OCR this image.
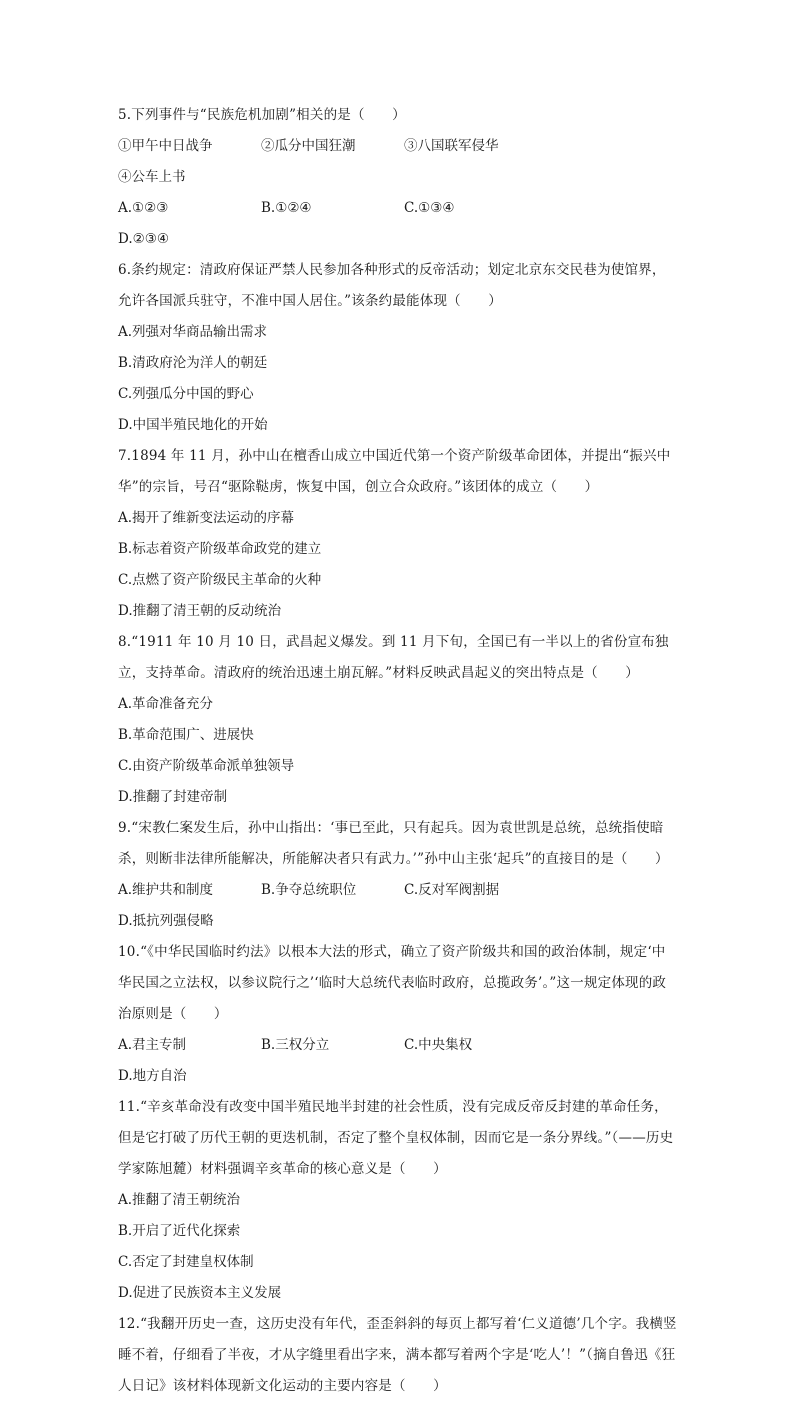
5.下列事件与“民族危机加剧”相关的是（　　）

①甲午中日战争	②瓜分中国狂潮	③八国联军侵华
④公车上书
A.①②③	B.①②④	C.①③④
D.②③④

6.条约规定：清政府保证严禁人民参加各种形式的反帝活动；划定北京东交民巷为使馆界，允许各国派兵驻守，不准中国人居住。”该条约最能体现（　　）

A.列强对华商品输出需求
B.清政府沦为洋人的朝廷
C.列强瓜分中国的野心
D.中国半殖民地化的开始

7.1894 年 11 月，孙中山在檀香山成立中国近代第一个资产阶级革命团体，并提出“振兴中华”的宗旨，号召“驱除鞑虏，恢复中国，创立合众政府。”该团体的成立（　　）

A.揭开了维新变法运动的序幕
B.标志着资产阶级革命政党的建立
C.点燃了资产阶级民主革命的火种
D.推翻了清王朝的反动统治

8.“1911 年 10 月 10 日，武昌起义爆发。到 11 月下旬，全国已有一半以上的省份宣布独立，支持革命。清政府的统治迅速土崩瓦解。”材料反映武昌起义的突出特点是（　　）

A.革命准备充分
B.革命范围广、进展快
C.由资产阶级革命派单独领导
D.推翻了封建帝制

9.“宋教仁案发生后，孙中山指出：‘事已至此，只有起兵。因为袁世凯是总统，总统指使暗杀，则断非法律所能解决，所能解决者只有武力。’”孙中山主张‘起兵”的直接目的是（　　）

A.维护共和制度	B.争夺总统职位	C.反对军阀割据
D.抵抗列强侵略

10.“《中华民国临时约法》以根本大法的形式，确立了资产阶级共和国的政治体制，规定‘中华民国之立法权，以参议院行之’‘临时大总统代表临时政府，总揽政务’。”这一规定体现的政治原则是（　　）

A.君主专制	B.三权分立	C.中央集权
D.地方自治

11.“辛亥革命没有改变中国半殖民地半封建的社会性质，没有完成反帝反封建的革命任务，但是它打破了历代王朝的更迭机制，否定了整个皇权体制，因而它是一条分界线。”（——历史学家陈旭麓）材料强调辛亥革命的核心意义是（　　）

A.推翻了清王朝统治
B.开启了近代化探索
C.否定了封建皇权体制
D.促进了民族资本主义发展

12.“我翻开历史一查，这历史没有年代，歪歪斜斜的每页上都写着‘仁义道德’几个字。我横竖睡不着，仔细看了半夜，才从字缝里看出字来，满本都写着两个字是‘吃人’！”（摘自鲁迅《狂人日记》该材料体现新文化运动的主要内容是（　　）
